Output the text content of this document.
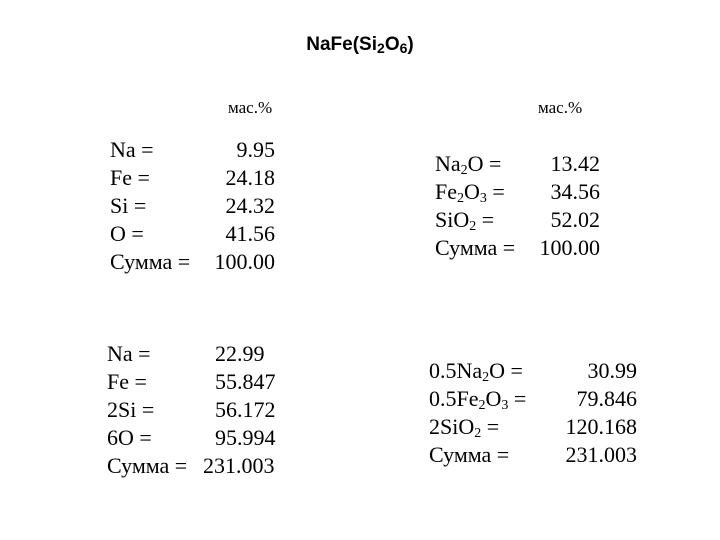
$NaFe(Si_2O_6)$
мас.%	мас.%
Na =	9.95
Fe =	24.18
Si =	24.32
O =	41.56
Сумма = 100.00
$Na_2O = 13.42$
$Fe_2O_3 = 34.56$
SiO$_2$ =	52.02
Сумма = 100.00
Na =	22.99
Fe =	55.847
2Si =	56.172
6O =	95.994
Сумма = 231.003
$0.5Na_2O$ =	30.99
$0.5Fe_2O_3 = 79.846$
2SiO$_2$ =	120.168
Сумма =	231.003
